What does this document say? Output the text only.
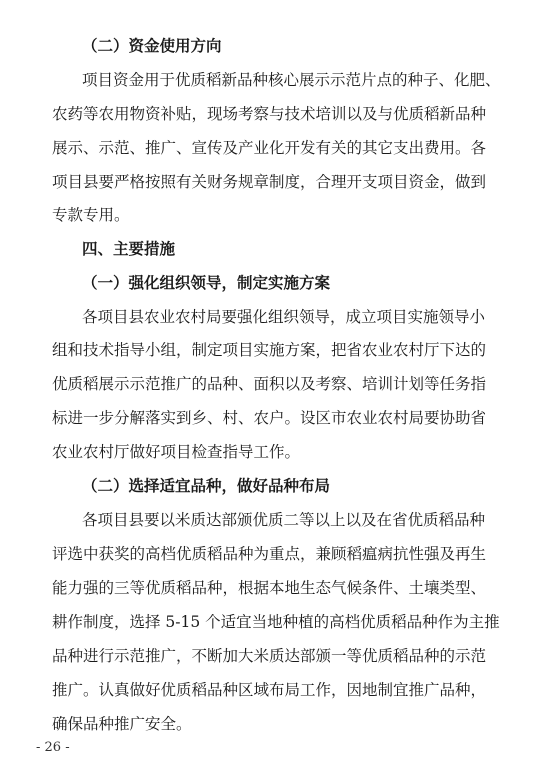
（二）资金使用方向
项目资金用于优质稻新品种核心展示示范片点的种子、化肥、
农药等农用物资补贴，现场考察与技术培训以及与优质稻新品种
展示、示范、推广、宣传及产业化开发有关的其它支出费用。各
项目县要严格按照有关财务规章制度，合理开支项目资金，做到
专款专用。
四、主要措施
（一）强化组织领导，制定实施方案
各项目县农业农村局要强化组织领导，成立项目实施领导小
组和技术指导小组，制定项目实施方案，把省农业农村厅下达的
优质稻展示示范推广的品种、面积以及考察、培训计划等任务指
标进一步分解落实到乡、村、农户。设区市农业农村局要协助省
农业农村厅做好项目检查指导工作。
（二）选择适宜品种，做好品种布局
各项目县要以米质达部颁优质二等以上以及在省优质稻品种
评选中获奖的高档优质稻品种为重点，兼顾稻瘟病抗性强及再生
能力强的三等优质稻品种，根据本地生态气候条件、土壤类型、
耕作制度，选择 5-15 个适宜当地种植的高档优质稻品种作为主推
品种进行示范推广，不断加大米质达部颁一等优质稻品种的示范
推广。认真做好优质稻品种区域布局工作，因地制宜推广品种，
确保品种推广安全。
- 26 -
